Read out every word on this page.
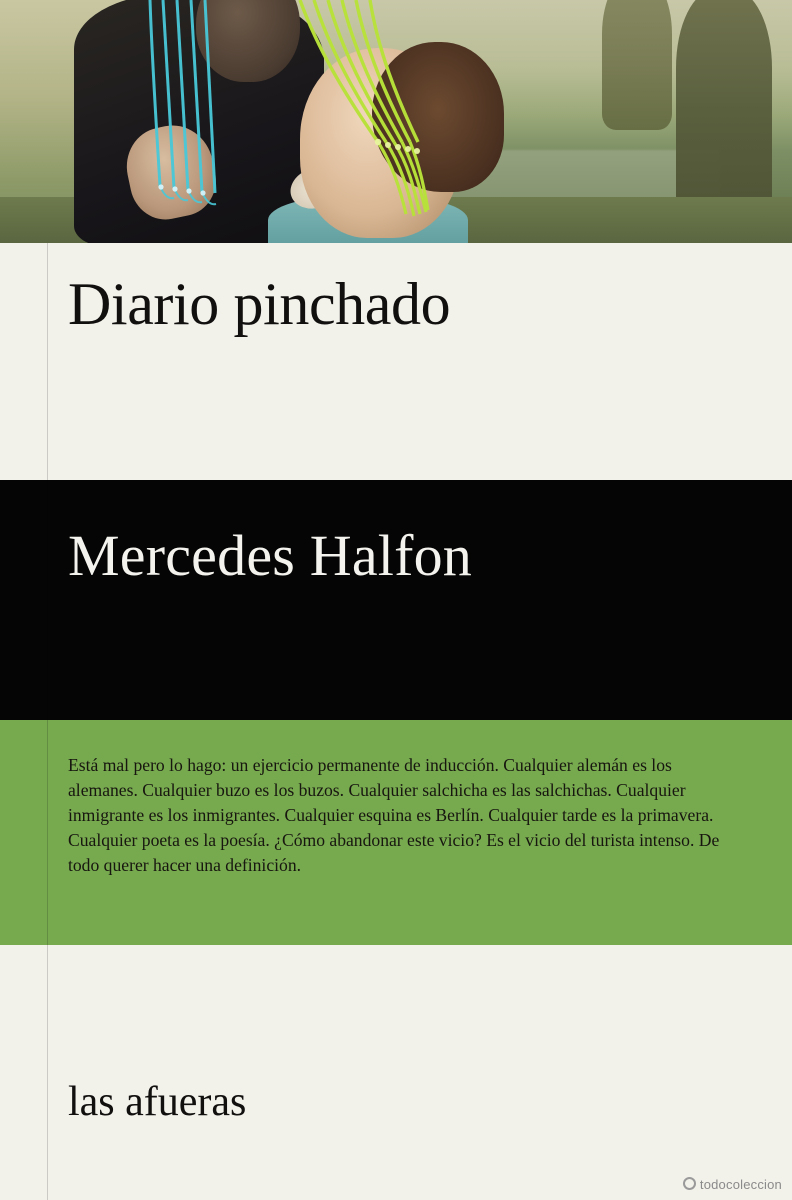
Diario pinchado
Mercedes Halfon
Está mal pero lo hago: un ejercicio permanente de inducción. Cualquier alemán es los alemanes. Cualquier buzo es los buzos. Cualquier salchicha es las salchichas. Cualquier inmigrante es los inmigrantes. Cualquier esquina es Berlín. Cualquier tarde es la primavera. Cualquier poeta es la poesía. ¿Cómo abandonar este vicio? Es el vicio del turista intenso. De todo querer hacer una definición.
las afueras
todocoleccion
